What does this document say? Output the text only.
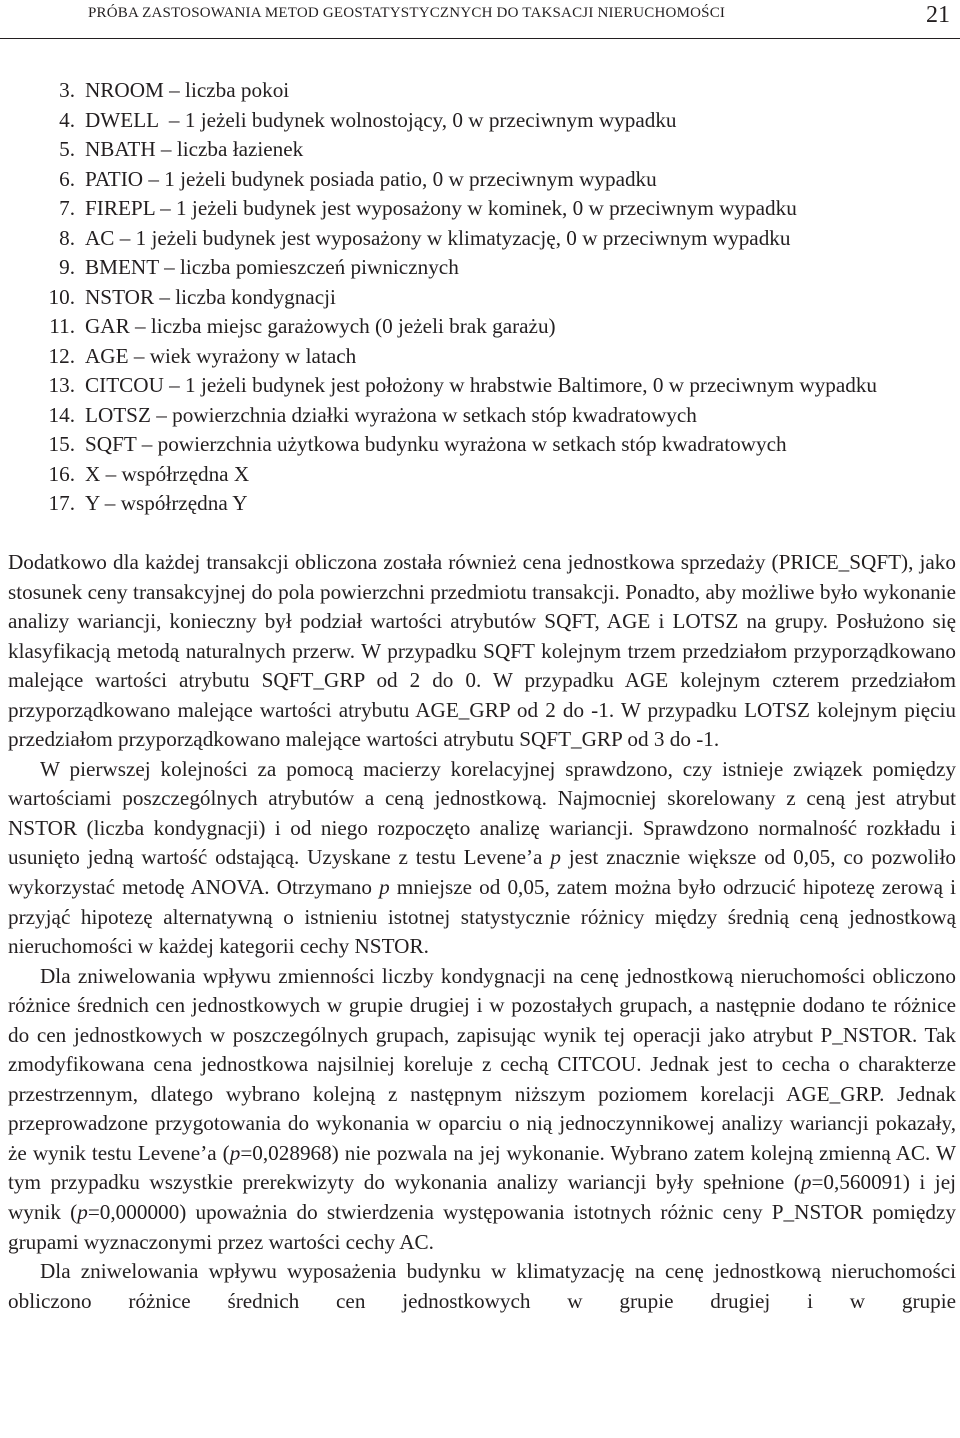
PRÓBA ZASTOSOWANIA METOD GEOSTATYSTYCZNYCH DO TAKSACJI NIERUCHOMOŚCI	21
3. NROOM – liczba pokoi
4. DWELL  – 1 jeżeli budynek wolnostojący, 0 w przeciwnym wypadku
5. NBATH – liczba łazienek
6. PATIO – 1 jeżeli budynek posiada patio, 0 w przeciwnym wypadku
7. FIREPL – 1 jeżeli budynek jest wyposażony w kominek, 0 w przeciwnym wypadku
8. AC – 1 jeżeli budynek jest wyposażony w klimatyzację, 0 w przeciwnym wypadku
9. BMENT – liczba pomieszczeń piwnicznych
10. NSTOR – liczba kondygnacji
11. GAR – liczba miejsc garażowych (0 jeżeli brak garażu)
12. AGE – wiek wyrażony w latach
13. CITCOU – 1 jeżeli budynek jest położony w hrabstwie Baltimore, 0 w przeciwnym wypadku
14. LOTSZ – powierzchnia działki wyrażona w setkach stóp kwadratowych
15. SQFT – powierzchnia użytkowa budynku wyrażona w setkach stóp kwadratowych
16. X – współrzędna X
17. Y – współrzędna Y

Dodatkowo dla każdej transakcji obliczona została również cena jednostkowa sprzedaży (PRICE_SQFT), jako stosunek ceny transakcyjnej do pola powierzchni przedmiotu transakcji. Ponadto, aby możliwe było wykonanie analizy wariancji, konieczny był podział wartości atrybutów SQFT, AGE i LOTSZ na grupy. Posłużono się klasyfikacją metodą naturalnych przerw. W przypadku SQFT kolejnym trzem przedziałom przyporządkowano malejące wartości atrybutu SQFT_GRP od 2 do 0. W przypadku AGE kolejnym czterem przedziałom przyporządkowano malejące wartości atrybutu AGE_GRP od 2 do -1. W przypadku LOTSZ kolejnym pięciu przedziałom przyporządkowano malejące wartości atrybutu SQFT_GRP od 3 do -1.

W pierwszej kolejności za pomocą macierzy korelacyjnej sprawdzono, czy istnieje związek pomiędzy wartościami poszczególnych atrybutów a ceną jednostkową. Najmocniej skorelowany z ceną jest atrybut NSTOR (liczba kondygnacji) i od niego rozpoczęto analizę wariancji. Sprawdzono normalność rozkładu i usunięto jedną wartość odstającą. Uzyskane z testu Levene’a p jest znacznie większe od 0,05, co pozwoliło wykorzystać metodę ANOVA. Otrzymano p mniejsze od 0,05, zatem można było odrzucić hipotezę zerową i przyjąć hipotezę alternatywną o istnieniu istotnej statystycznie różnicy między średnią ceną jednostkową nieruchomości w każdej kategorii cechy NSTOR.

Dla zniwelowania wpływu zmienności liczby kondygnacji na cenę jednostkową nieruchomości obliczono różnice średnich cen jednostkowych w grupie drugiej i w pozostałych grupach, a następnie dodano te różnice do cen jednostkowych w poszczególnych grupach, zapisując wynik tej operacji jako atrybut P_NSTOR. Tak zmodyfikowana cena jednostkowa najsilniej koreluje z cechą CITCOU. Jednak jest to cecha o charakterze przestrzennym, dlatego wybrano kolejną z następnym niższym poziomem korelacji AGE_GRP. Jednak przeprowadzone przygotowania do wykonania w oparciu o nią jednoczynnikowej analizy wariancji pokazały, że wynik testu Levene’a (p=0,028968) nie pozwala na jej wykonanie. Wybrano zatem kolejną zmienną AC. W tym przypadku wszystkie prerekwizyty do wykonania analizy wariancji były spełnione (p=0,560091) i jej wynik (p=0,000000) upoważnia do stwierdzenia występowania istotnych różnic ceny P_NSTOR pomiędzy grupami wyznaczonymi przez wartości cechy AC.

Dla zniwelowania wpływu wyposażenia budynku w klimatyzację na cenę jednostkową nieruchomości obliczono różnice średnich cen jednostkowych w grupie drugiej i w grupie
